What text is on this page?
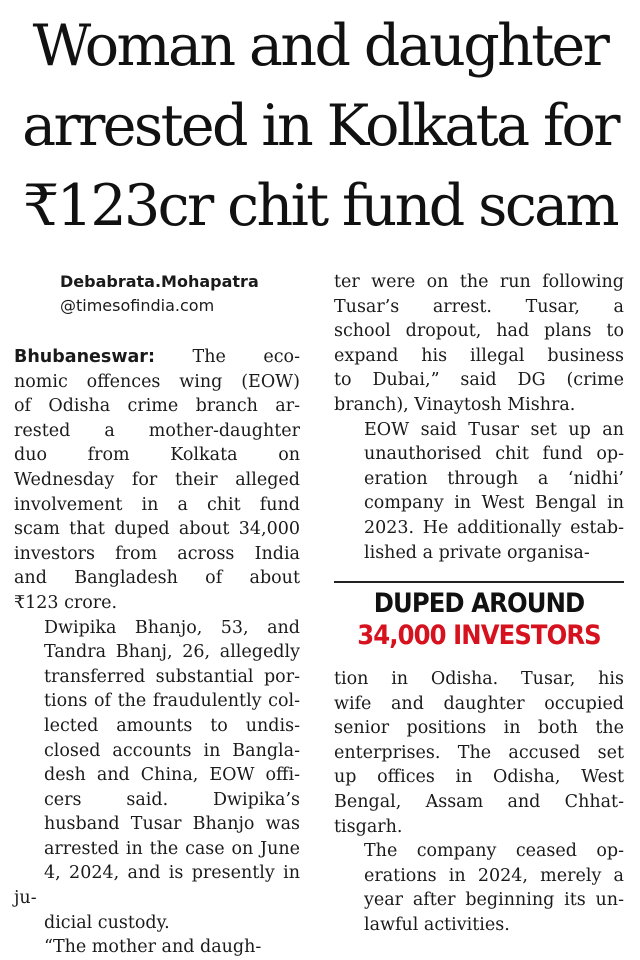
Woman and daughter
arrested in Kolkata for
₹123cr chit fund scam
Debabrata.Mohapatra
@timesofindia.com

Bhubaneswar: The eco-
nomic offences wing (EOW)
of Odisha crime branch ar-
rested a mother-daughter
duo from Kolkata on
Wednesday for their alleged
involvement in a chit fund
scam that duped about 34,000
investors from across India
and Bangladesh of about
₹123 crore.

Dwipika Bhanjo, 53, and
Tandra Bhanj, 26, allegedly
transferred substantial por-
tions of the fraudulently col-
lected amounts to undis-
closed accounts in Bangla-
desh and China, EOW offi-
cers said. Dwipika’s
husband Tusar Bhanjo was
arrested in the case on June
4, 2024, and is presently in ju-
dicial custody.

“The mother and daugh-

ter were on the run following
Tusar’s arrest. Tusar, a
school dropout, had plans to
expand his illegal business
to Dubai,” said DG (crime
branch), Vinaytosh Mishra.

EOW said Tusar set up an
unauthorised chit fund op-
eration through a ‘nidhi’
company in West Bengal in
2023. He additionally estab-
lished a private organisa-

DUPED AROUND
34,000 INVESTORS

tion in Odisha. Tusar, his
wife and daughter occupied
senior positions in both the
enterprises. The accused set
up offices in Odisha, West
Bengal, Assam and Chhat-
tisgarh.

The company ceased op-
erations in 2024, merely a
year after beginning its un-
lawful activities.
